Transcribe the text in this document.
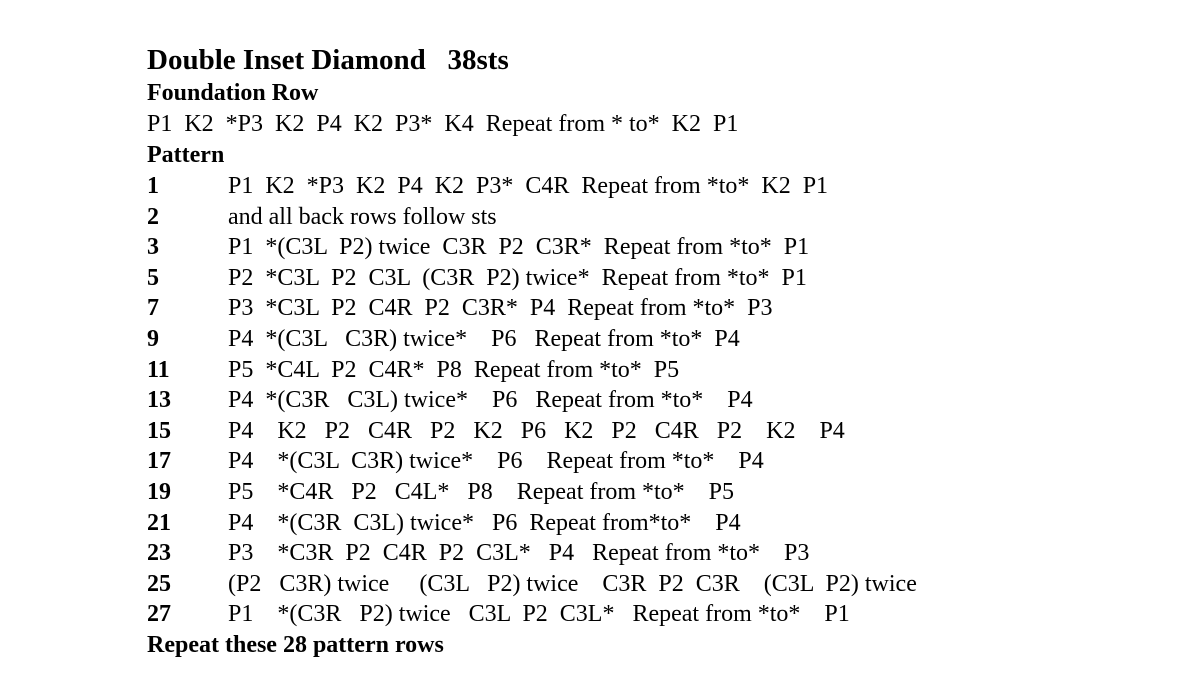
Double Inset Diamond   38sts
Foundation Row
P1  K2  *P3  K2  P4  K2  P3*  K4  Repeat from * to*  K2  P1
Pattern
1	P1  K2  *P3  K2  P4  K2  P3*  C4R  Repeat from *to*  K2  P1
2	and all back rows follow sts
3	P1  *(C3L  P2) twice  C3R  P2  C3R*  Repeat from *to*  P1
5	P2  *C3L  P2  C3L  (C3R  P2) twice*  Repeat from *to*  P1
7	P3  *C3L  P2  C4R  P2  C3R*  P4  Repeat from *to*  P3
9	P4  *(C3L   C3R) twice*    P6   Repeat from *to*  P4
11	P5  *C4L  P2  C4R*  P8  Repeat from *to*  P5
13	P4  *(C3R   C3L) twice*    P6   Repeat from *to*    P4
15	P4    K2   P2   C4R   P2   K2   P6   K2   P2   C4R   P2    K2    P4
17	P4    *(C3L  C3R) twice*    P6    Repeat from *to*    P4
19	P5    *C4R   P2   C4L*   P8    Repeat from *to*    P5
21	P4    *(C3R  C3L) twice*   P6  Repeat from*to*    P4
23	P3    *C3R  P2  C4R  P2  C3L*   P4   Repeat from *to*    P3
25	(P2   C3R) twice     (C3L   P2) twice    C3R  P2  C3R    (C3L  P2) twice
27	P1    *(C3R   P2) twice   C3L  P2  C3L*   Repeat from *to*    P1
Repeat these 28 pattern rows
